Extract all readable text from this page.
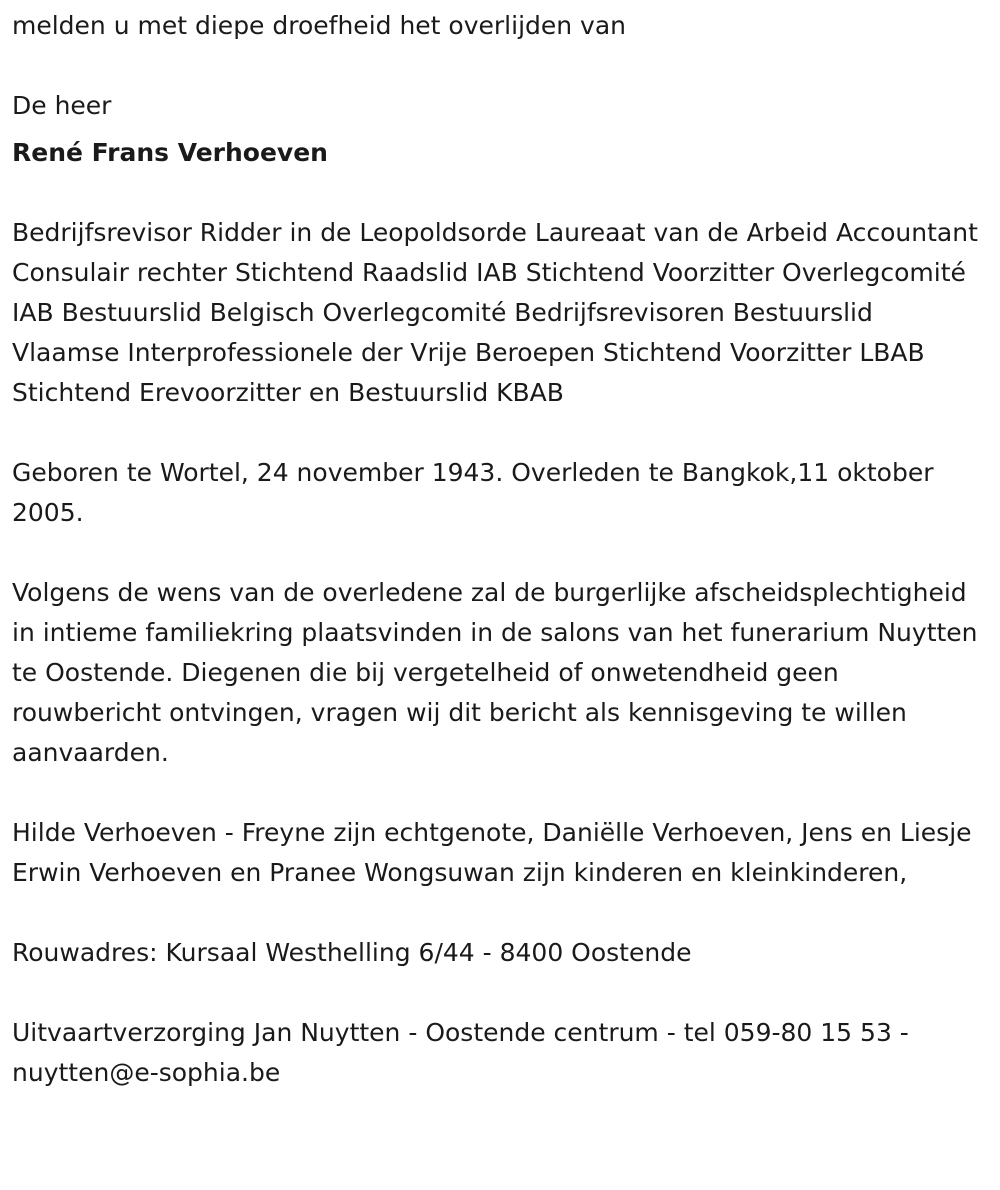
melden u met diepe droefheid het overlijden van

De heer

René Frans Verhoeven

Bedrijfsrevisor Ridder in de Leopoldsorde Laureaat van de Arbeid Accountant Consulair rechter Stichtend Raadslid IAB Stichtend Voorzitter Overlegcomité IAB Bestuurslid Belgisch Overlegcomité Bedrijfsrevisoren Bestuurslid Vlaamse Interprofessionele der Vrije Beroepen Stichtend Voorzitter LBAB Stichtend Erevoorzitter en Bestuurslid KBAB

Geboren te Wortel, 24 november 1943. Overleden te Bangkok,11 oktober 2005.

Volgens de wens van de overledene zal de burgerlijke afscheidsplechtigheid in intieme familiekring plaatsvinden in de salons van het funerarium Nuytten te Oostende. Diegenen die bij vergetelheid of onwetendheid geen rouwbericht ontvingen, vragen wij dit bericht als kennisgeving te willen aanvaarden.

Hilde Verhoeven - Freyne zijn echtgenote, Daniëlle Verhoeven, Jens en Liesje Erwin Verhoeven en Pranee Wongsuwan zijn kinderen en kleinkinderen,

Rouwadres: Kursaal Westhelling 6/44 - 8400 Oostende

Uitvaartverzorging Jan Nuytten - Oostende centrum - tel 059-80 15 53 - nuytten@e-sophia.be
